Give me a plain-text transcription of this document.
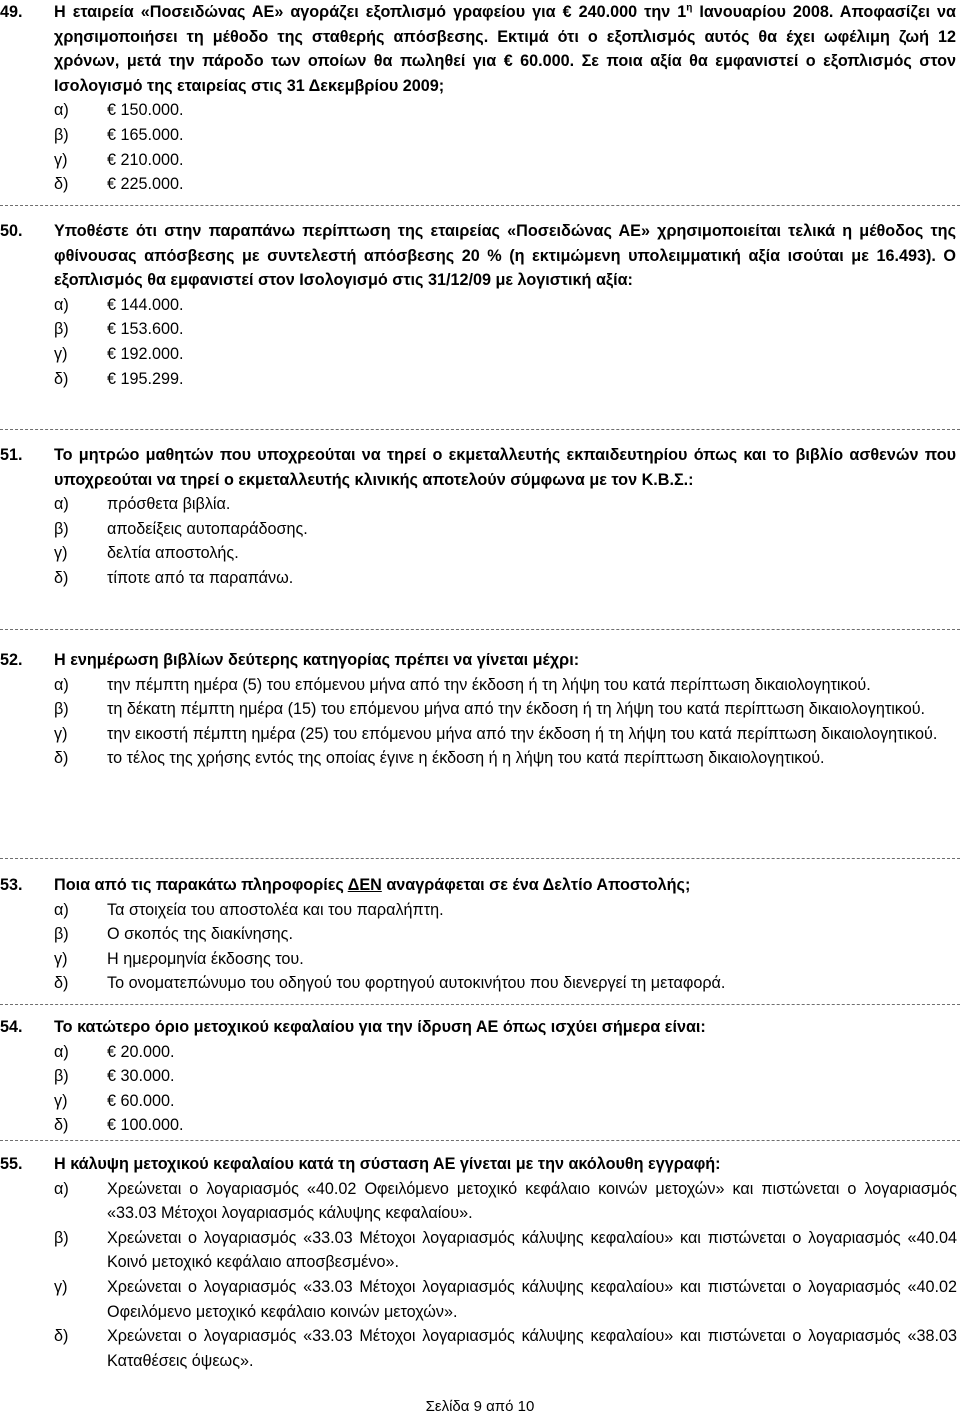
49.	Η εταιρεία «Ποσειδώνας ΑΕ» αγοράζει εξοπλισμό γραφείου για € 240.000 την $1^\eta$ Ιανουαρίου 2008. Αποφασίζει να χρησιμοποιήσει τη μέθοδο της σταθερής απόσβεσης. Εκτιμά ότι ο εξοπλισμός αυτός θα έχει ωφέλιμη ζωή 12 χρόνων, μετά την πάροδο των οποίων θα πωληθεί για € 60.000. Σε ποια αξία θα εμφανιστεί ο εξοπλισμός στον Ισολογισμό της εταιρείας στις 31 Δεκεμβρίου 2009;
α)	€ 150.000.
β)	€ 165.000.
γ)	€ 210.000.
δ)	€ 225.000.
50.	Υποθέστε ότι στην παραπάνω περίπτωση της εταιρείας «Ποσειδώνας ΑΕ» χρησιμοποιείται τελικά η μέθοδος της φθίνουσας απόσβεσης με συντελεστή απόσβεσης 20 % (η εκτιμώμενη υπολειμματική αξία ισούται με 16.493). Ο εξοπλισμός θα εμφανιστεί στον Ισολογισμό στις 31/12/09 με λογιστική αξία:
α)	€ 144.000.
β)	€ 153.600.
γ)	€ 192.000.
δ)	€ 195.299.
51.	Το μητρώο μαθητών που υποχρεούται να τηρεί ο εκμεταλλευτής εκπαιδευτηρίου όπως και το βιβλίο ασθενών που υποχρεούται να τηρεί ο εκμεταλλευτής κλινικής αποτελούν σύμφωνα με τον Κ.Β.Σ.:
α)	πρόσθετα βιβλία.
β)	αποδείξεις αυτοπαράδοσης.
γ)	δελτία αποστολής.
δ)	τίποτε από τα παραπάνω.
52.	Η ενημέρωση βιβλίων δεύτερης κατηγορίας πρέπει να γίνεται μέχρι:
α)	την πέμπτη ημέρα (5) του επόμενου μήνα από την έκδοση ή τη λήψη του κατά περίπτωση δικαιολογητικού.
β)	τη δέκατη πέμπτη ημέρα (15) του επόμενου μήνα από την έκδοση ή τη λήψη του κατά περίπτωση δικαιολογητικού.
γ)	την εικοστή πέμπτη ημέρα (25) του επόμενου μήνα από την έκδοση ή τη λήψη του κατά περίπτωση δικαιολογητικού.
δ)	το τέλος της χρήσης εντός της οποίας έγινε η έκδοση ή η λήψη του κατά περίπτωση δικαιολογητικού.
53.	Ποια από τις παρακάτω πληροφορίες ΔΕΝ αναγράφεται σε ένα Δελτίο Αποστολής;
α)	Τα στοιχεία του αποστολέα και του παραλήπτη.
β)	Ο σκοπός της διακίνησης.
γ)	Η ημερομηνία έκδοσης του.
δ)	Το ονοματεπώνυμο του οδηγού του φορτηγού αυτοκινήτου που διενεργεί τη μεταφορά.
54.	Το κατώτερο όριο μετοχικού κεφαλαίου για την ίδρυση ΑΕ όπως ισχύει σήμερα είναι:
α)	€ 20.000.
β)	€ 30.000.
γ)	€ 60.000.
δ)	€ 100.000.
55.	Η κάλυψη μετοχικού κεφαλαίου κατά τη σύσταση ΑΕ γίνεται με την ακόλουθη εγγραφή:
α)	Χρεώνεται ο λογαριασμός «40.02 Οφειλόμενο μετοχικό κεφάλαιο κοινών μετοχών» και πιστώνεται ο λογαριασμός «33.03 Μέτοχοι λογαριασμός κάλυψης κεφαλαίου».
β)	Χρεώνεται ο λογαριασμός «33.03 Μέτοχοι λογαριασμός κάλυψης κεφαλαίου» και πιστώνεται ο λογαριασμός «40.04 Κοινό μετοχικό κεφάλαιο αποσβεσμένο».
γ)	Χρεώνεται ο λογαριασμός «33.03 Μέτοχοι λογαριασμός κάλυψης κεφαλαίου» και πιστώνεται ο λογαριασμός «40.02 Οφειλόμενο μετοχικό κεφάλαιο κοινών μετοχών».
δ)	Χρεώνεται ο λογαριασμός «33.03 Μέτοχοι λογαριασμός κάλυψης κεφαλαίου» και πιστώνεται ο λογαριασμός «38.03 Καταθέσεις όψεως».
Σελίδα 9 από 10
